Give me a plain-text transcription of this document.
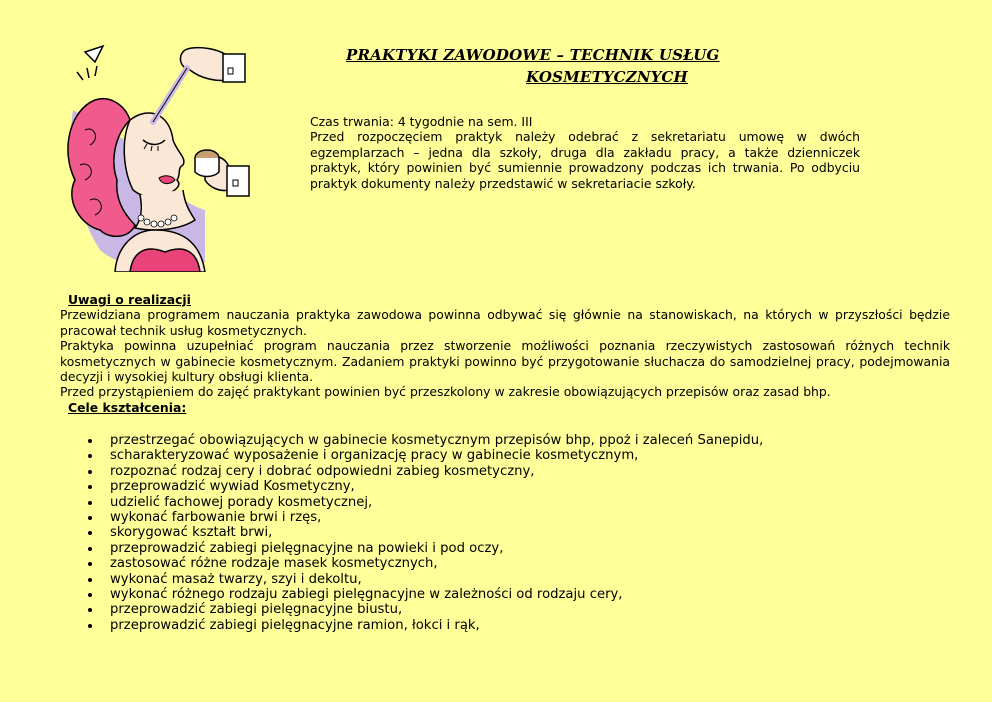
PRAKTYKI ZAWODOWE – TECHNIK USŁUG
KOSMETYCZNYCH

Czas trwania: 4 tygodnie na sem. III

Przed rozpoczęciem praktyk należy odebrać z sekretariatu umowę w dwóch egzemplarzach – jedna dla szkoły, druga dla zakładu pracy, a także dzienniczek praktyk, który powinien być sumiennie prowadzony podczas ich trwania. Po odbyciu praktyk dokumenty należy przedstawić w sekretariacie szkoły.

Uwagi o realizacji

Przewidziana programem nauczania praktyka zawodowa powinna odbywać się głównie na stanowiskach, na których w przyszłości będzie pracował technik usług kosmetycznych.

Praktyka powinna uzupełniać program nauczania przez stworzenie możliwości poznania rzeczywistych zastosowań różnych technik kosmetycznych w gabinecie kosmetycznym. Zadaniem praktyki powinno być przygotowanie słuchacza do samodzielnej pracy, podejmowania decyzji i wysokiej kultury obsługi klienta.

Przed przystąpieniem do zajęć praktykant powinien być przeszkolony w zakresie obowiązujących przepisów oraz zasad bhp.

Cele kształcenia:

przestrzegać obowiązujących w gabinecie kosmetycznym przepisów bhp, ppoż i zaleceń Sanepidu,
scharakteryzować wyposażenie i organizację pracy w gabinecie kosmetycznym,
rozpoznać rodzaj cery i dobrać odpowiedni zabieg kosmetyczny,
przeprowadzić wywiad Kosmetyczny,
udzielić fachowej porady kosmetycznej,
wykonać farbowanie brwi i rzęs,
skorygować kształt brwi,
przeprowadzić zabiegi pielęgnacyjne na powieki i pod oczy,
zastosować różne rodzaje masek kosmetycznych,
wykonać masaż twarzy, szyi i dekoltu,
wykonać różnego rodzaju zabiegi pielęgnacyjne w zależności od rodzaju cery,
przeprowadzić zabiegi pielęgnacyjne biustu,
przeprowadzić zabiegi pielęgnacyjne ramion, łokci i rąk,
